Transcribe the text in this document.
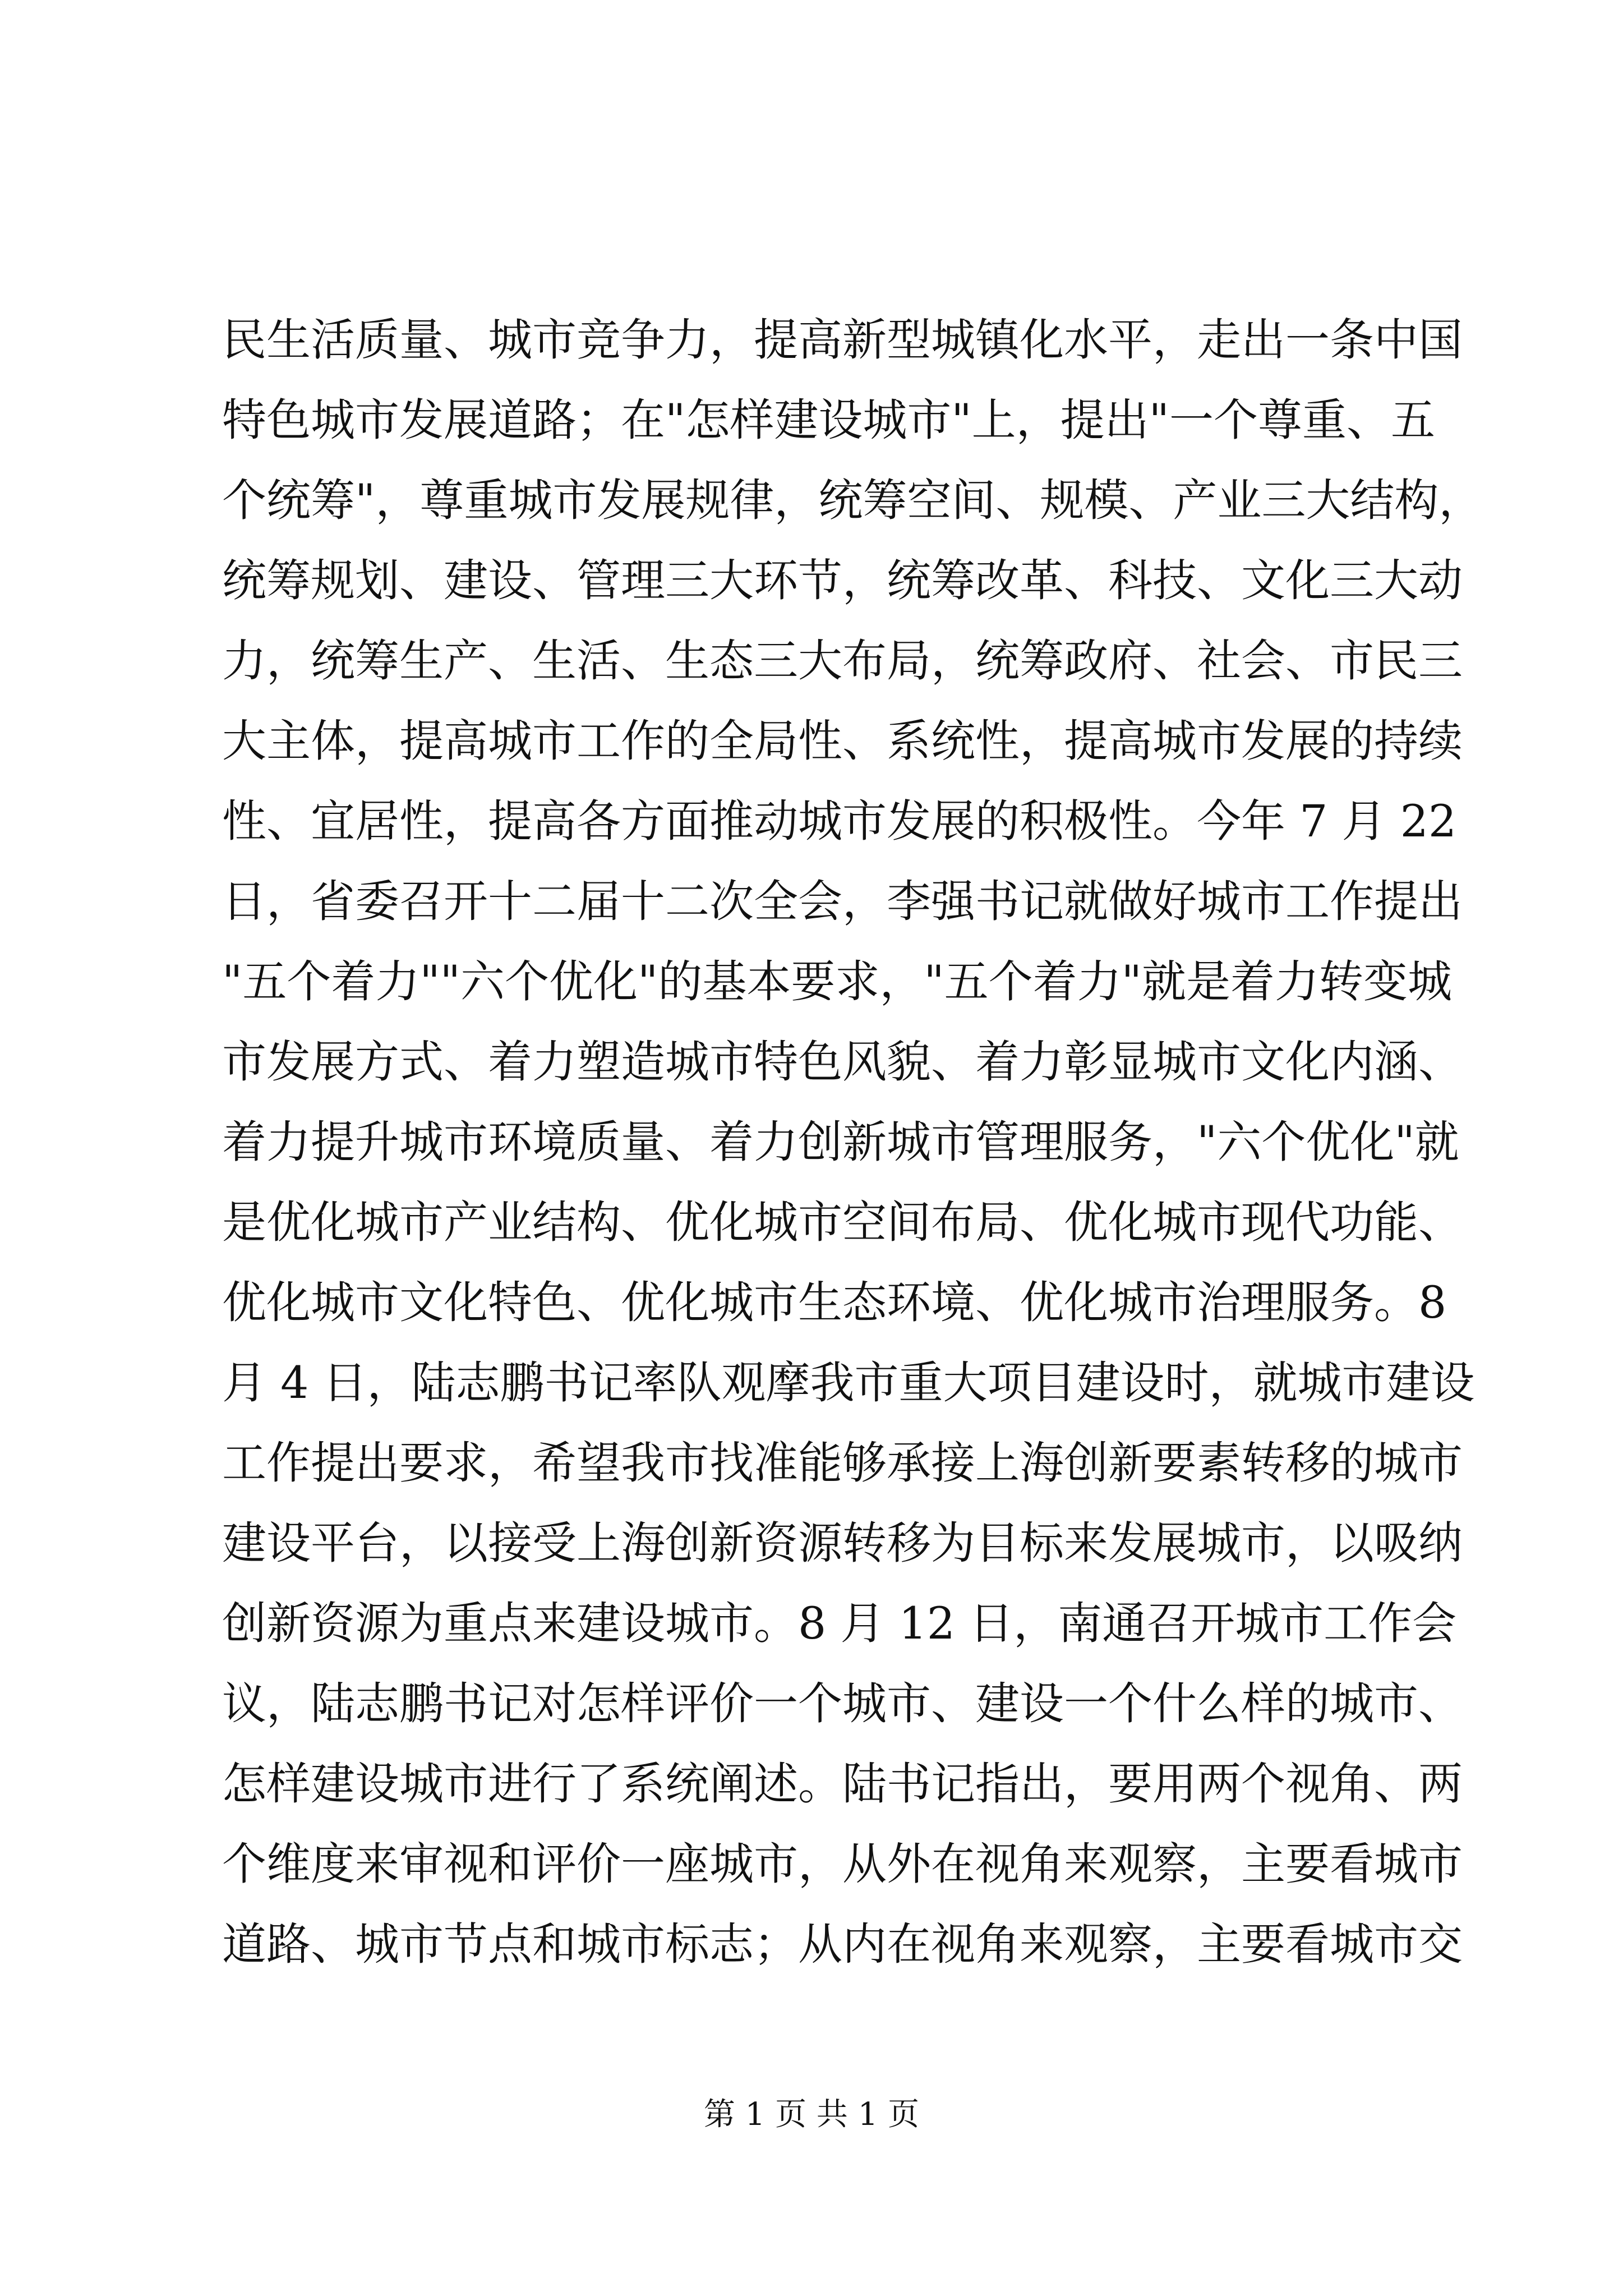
民生活质量、城市竞争力，提高新型城镇化水平，走出一条中国
特色城市发展道路；在"怎样建设城市"上，提出"一个尊重、五
个统筹"，尊重城市发展规律，统筹空间、规模、产业三大结构，
统筹规划、建设、管理三大环节，统筹改革、科技、文化三大动
力，统筹生产、生活、生态三大布局，统筹政府、社会、市民三
大主体，提高城市工作的全局性、系统性，提高城市发展的持续
性、宜居性，提高各方面推动城市发展的积极性。今年 7 月 22
日，省委召开十二届十二次全会，李强书记就做好城市工作提出
"五个着力""六个优化"的基本要求，"五个着力"就是着力转变城
市发展方式、着力塑造城市特色风貌、着力彰显城市文化内涵、
着力提升城市环境质量、着力创新城市管理服务，"六个优化"就
是优化城市产业结构、优化城市空间布局、优化城市现代功能、
优化城市文化特色、优化城市生态环境、优化城市治理服务。8
月 4 日，陆志鹏书记率队观摩我市重大项目建设时，就城市建设
工作提出要求，希望我市找准能够承接上海创新要素转移的城市
建设平台，以接受上海创新资源转移为目标来发展城市，以吸纳
创新资源为重点来建设城市。8 月 12 日，南通召开城市工作会
议，陆志鹏书记对怎样评价一个城市、建设一个什么样的城市、
怎样建设城市进行了系统阐述。陆书记指出，要用两个视角、两
个维度来审视和评价一座城市，从外在视角来观察，主要看城市
道路、城市节点和城市标志；从内在视角来观察，主要看城市交
第 1 页 共 1 页
